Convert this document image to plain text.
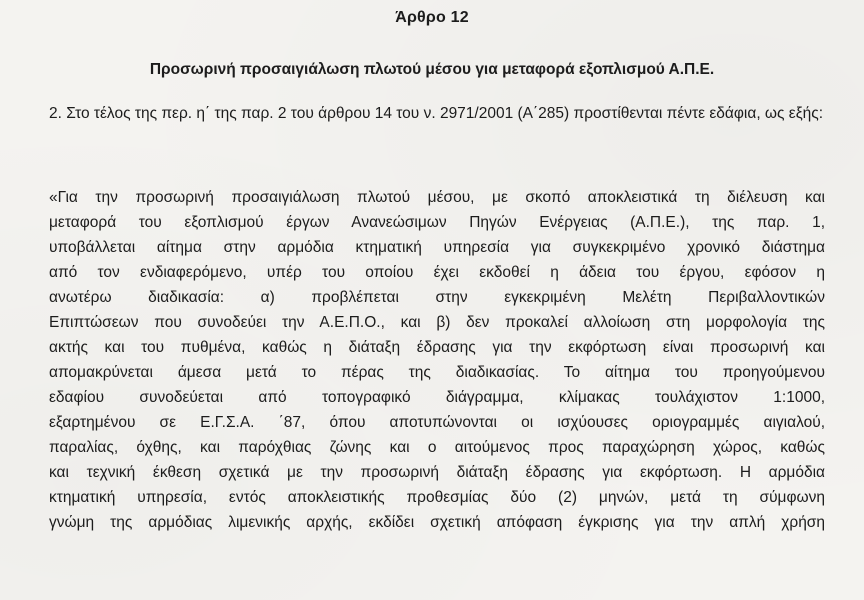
Άρθρο 12
Προσωρινή προσαιγιάλωση πλωτού μέσου για μεταφορά εξοπλισμού Α.Π.Ε.
2. Στο τέλος της περ. η΄ της παρ. 2 του άρθρου 14 του ν. 2971/2001 (Α΄285) προστίθενται πέντε εδάφια, ως εξής:
«Για την προσωρινή προσαιγιάλωση πλωτού μέσου, με σκοπό αποκλειστικά τη διέλευση και
μεταφορά του εξοπλισμού έργων Ανανεώσιμων Πηγών Ενέργειας (Α.Π.Ε.), της παρ. 1,
υποβάλλεται αίτημα στην αρμόδια κτηματική υπηρεσία για συγκεκριμένο χρονικό διάστημα
από τον ενδιαφερόμενο, υπέρ του οποίου έχει εκδοθεί η άδεια του έργου, εφόσον η
ανωτέρω διαδικασία: α) προβλέπεται στην εγκεκριμένη Μελέτη Περιβαλλοντικών
Επιπτώσεων που συνοδεύει την Α.Ε.Π.Ο., και β) δεν προκαλεί αλλοίωση στη μορφολογία της
ακτής και του πυθμένα, καθώς η διάταξη έδρασης για την εκφόρτωση είναι προσωρινή και
απομακρύνεται άμεσα μετά το πέρας της διαδικασίας. Το αίτημα του προηγούμενου
εδαφίου συνοδεύεται από τοπογραφικό διάγραμμα, κλίμακας τουλάχιστον 1:1000,
εξαρτημένου σε Ε.Γ.Σ.Α. ΄87, όπου αποτυπώνονται οι ισχύουσες οριογραμμές αιγιαλού,
παραλίας, όχθης, και παρόχθιας ζώνης και ο αιτούμενος προς παραχώρηση χώρος, καθώς
και τεχνική έκθεση σχετικά με την προσωρινή διάταξη έδρασης για εκφόρτωση. Η αρμόδια
κτηματική υπηρεσία, εντός αποκλειστικής προθεσμίας δύο (2) μηνών, μετά τη σύμφωνη
γνώμη της αρμόδιας λιμενικής αρχής, εκδίδει σχετική απόφαση έγκρισης για την απλή χρήση
